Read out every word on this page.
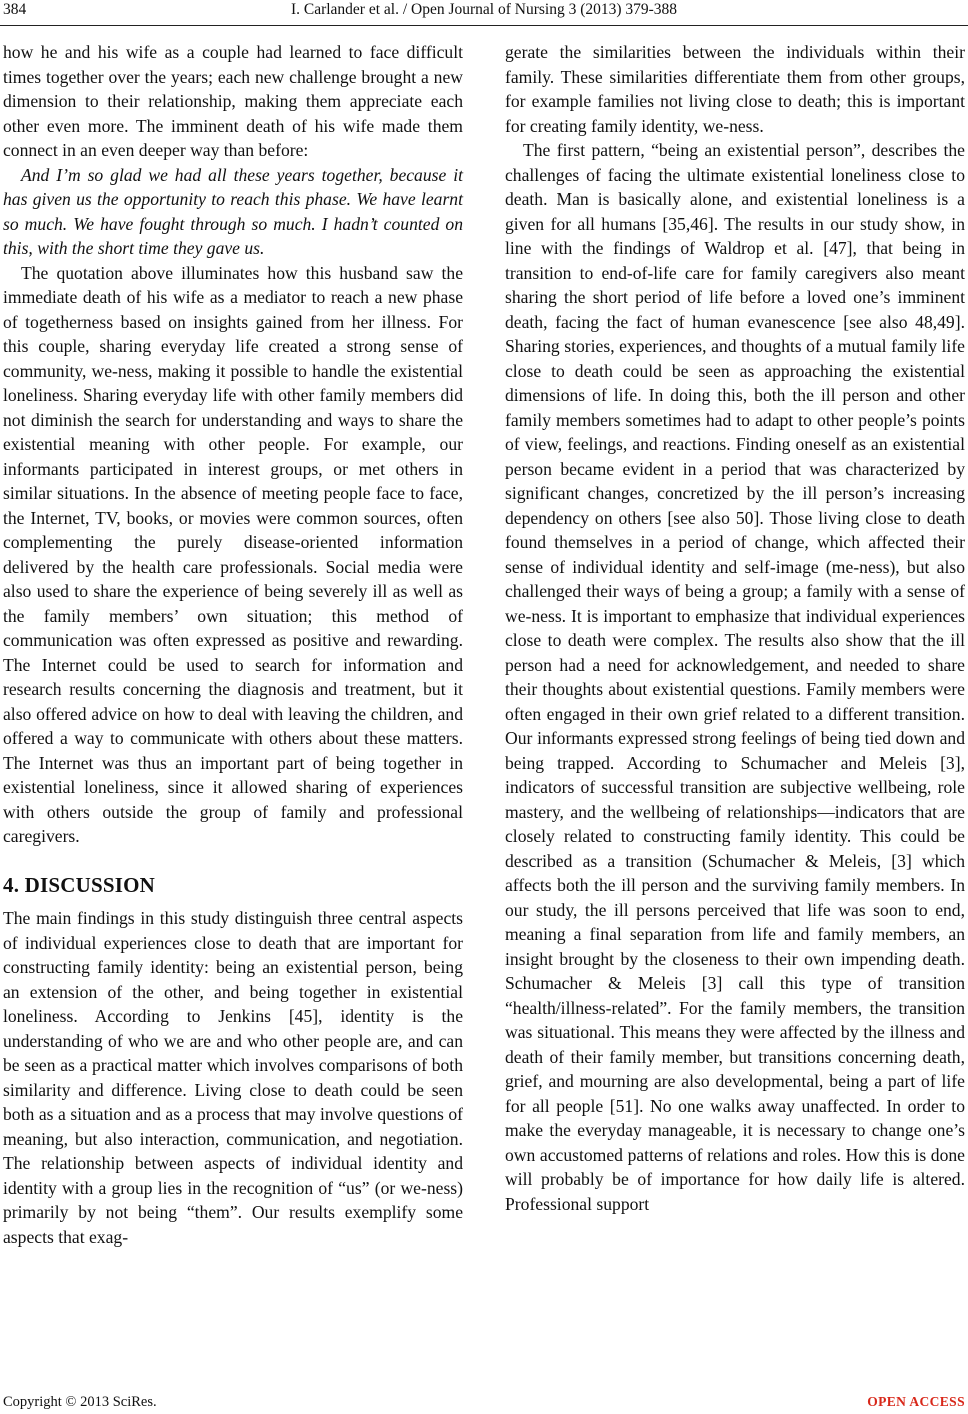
384	I. Carlander et al. / Open Journal of Nursing 3 (2013) 379-388

how he and his wife as a couple had learned to face difficult times together over the years; each new challenge brought a new dimension to their relationship, making them appreciate each other even more. The imminent death of his wife made them connect in an even deeper way than before:

And I’m so glad we had all these years together, because it has given us the opportunity to reach this phase. We have learnt so much. We have fought through so much. I hadn’t counted on this, with the short time they gave us.

The quotation above illuminates how this husband saw the immediate death of his wife as a mediator to reach a new phase of togetherness based on insights gained from her illness. For this couple, sharing everyday life created a strong sense of community, we-ness, making it possible to handle the existential loneliness. Sharing everyday life with other family members did not diminish the search for understanding and ways to share the existential meaning with other people. For example, our informants participated in interest groups, or met others in similar situations. In the absence of meeting people face to face, the Internet, TV, books, or movies were common sources, often complementing the purely disease-oriented information delivered by the health care professionals. Social media were also used to share the experience of being severely ill as well as the family members’ own situation; this method of communication was often expressed as positive and rewarding. The Internet could be used to search for information and research results concerning the diagnosis and treatment, but it also offered advice on how to deal with leaving the children, and offered a way to communicate with others about these matters. The Internet was thus an important part of being together in existential loneliness, since it allowed sharing of experiences with others outside the group of family and professional caregivers.

4. DISCUSSION

The main findings in this study distinguish three central aspects of individual experiences close to death that are important for constructing family identity: being an existential person, being an extension of the other, and being together in existential loneliness. According to Jenkins [45], identity is the understanding of who we are and who other people are, and can be seen as a practical matter which involves comparisons of both similarity and difference. Living close to death could be seen both as a situation and as a process that may involve questions of meaning, but also interaction, communication, and negotiation. The relationship between aspects of individual identity and identity with a group lies in the recognition of “us” (or we-ness) primarily by not being “them”. Our results exemplify some aspects that exag-

gerate the similarities between the individuals within their family. These similarities differentiate them from other groups, for example families not living close to death; this is important for creating family identity, we-ness.

The first pattern, “being an existential person”, describes the challenges of facing the ultimate existential loneliness close to death. Man is basically alone, and existential loneliness is a given for all humans [35,46]. The results in our study show, in line with the findings of Waldrop et al. [47], that being in transition to end-of-life care for family caregivers also meant sharing the short period of life before a loved one’s imminent death, facing the fact of human evanescence [see also 48,49]. Sharing stories, experiences, and thoughts of a mutual family life close to death could be seen as approaching the existential dimensions of life. In doing this, both the ill person and other family members sometimes had to adapt to other people’s points of view, feelings, and reactions. Finding oneself as an existential person became evident in a period that was characterized by significant changes, concretized by the ill person’s increasing dependency on others [see also 50]. Those living close to death found themselves in a period of change, which affected their sense of individual identity and self-image (me-ness), but also challenged their ways of being a group; a family with a sense of we-ness. It is important to emphasize that individual experiences close to death were complex. The results also show that the ill person had a need for acknowledgement, and needed to share their thoughts about existential questions. Family members were often engaged in their own grief related to a different transition. Our informants expressed strong feelings of being tied down and being trapped. According to Schumacher and Meleis [3], indicators of successful transition are subjective wellbeing, role mastery, and the wellbeing of relationships—indicators that are closely related to constructing family identity. This could be described as a transition (Schumacher & Meleis, [3] which affects both the ill person and the surviving family members. In our study, the ill persons perceived that life was soon to end, meaning a final separation from life and family members, an insight brought by the closeness to their own impending death. Schumacher & Meleis [3] call this type of transition “health/illness-related”. For the family members, the transition was situational. This means they were affected by the illness and death of their family member, but transitions concerning death, grief, and mourning are also developmental, being a part of life for all people [51]. No one walks away unaffected. In order to make the everyday manageable, it is necessary to change one’s own accustomed patterns of relations and roles. How this is done will probably be of importance for how daily life is altered. Professional support

Copyright © 2013 SciRes.	OPEN ACCESS
